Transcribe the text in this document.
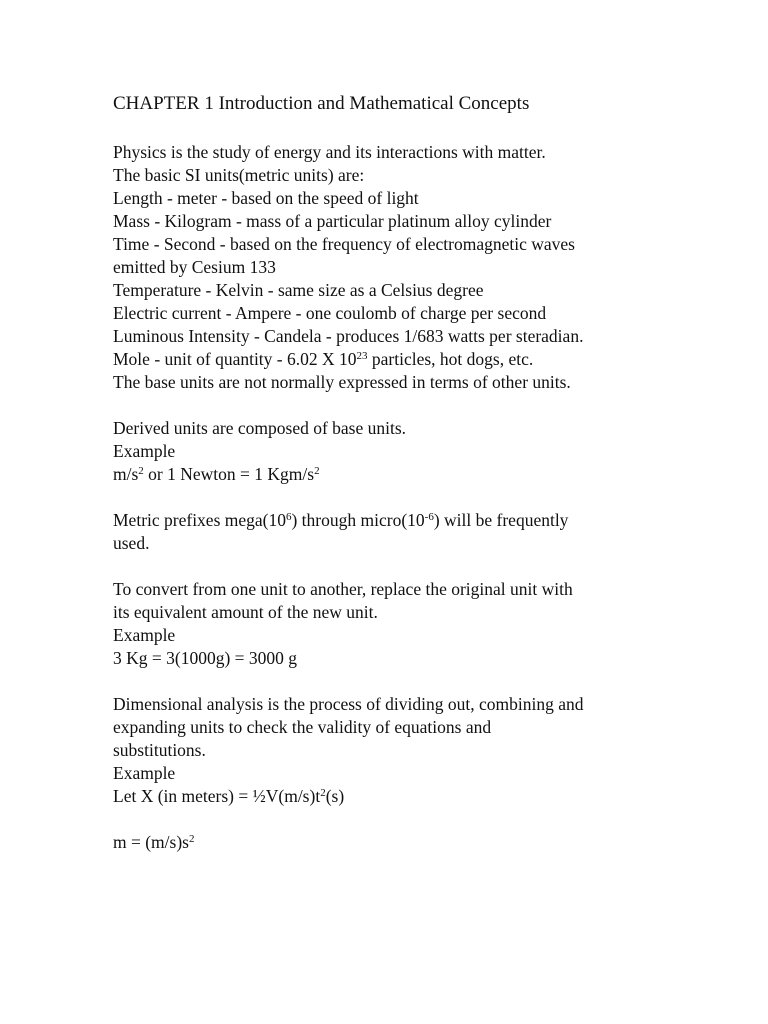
CHAPTER 1 Introduction and Mathematical Concepts
Physics is the study of energy and its interactions with matter.
The basic SI units(metric units) are:
Length - meter - based on the speed of light
Mass - Kilogram - mass of a particular platinum alloy cylinder
Time - Second - based on the frequency of electromagnetic waves
emitted by Cesium 133
Temperature - Kelvin - same size as a Celsius degree
Electric current - Ampere - one coulomb of charge per second
Luminous Intensity - Candela - produces 1/683 watts per steradian.
Mole - unit of quantity - 6.02 X $10^{23}$ particles, hot dogs, etc.
The base units are not normally expressed in terms of other units.
Derived units are composed of base units.
Example
$m/s^2$ or 1 Newton = 1 Kgm/$s^2$
Metric prefixes $mega(10^6)$ through $micro(10^{-6})$ will be frequently
used.
To convert from one unit to another, replace the original unit with
its equivalent amount of the new unit.
Example
3 Kg = 3(1000g) = 3000 g
Dimensional analysis is the process of dividing out, combining and
expanding units to check the validity of equations and
substitutions.
Example
Let X (in meters) = $\frac{1}{2}V(m/s)t^2(s)$
$m = (m/s)s^2$
